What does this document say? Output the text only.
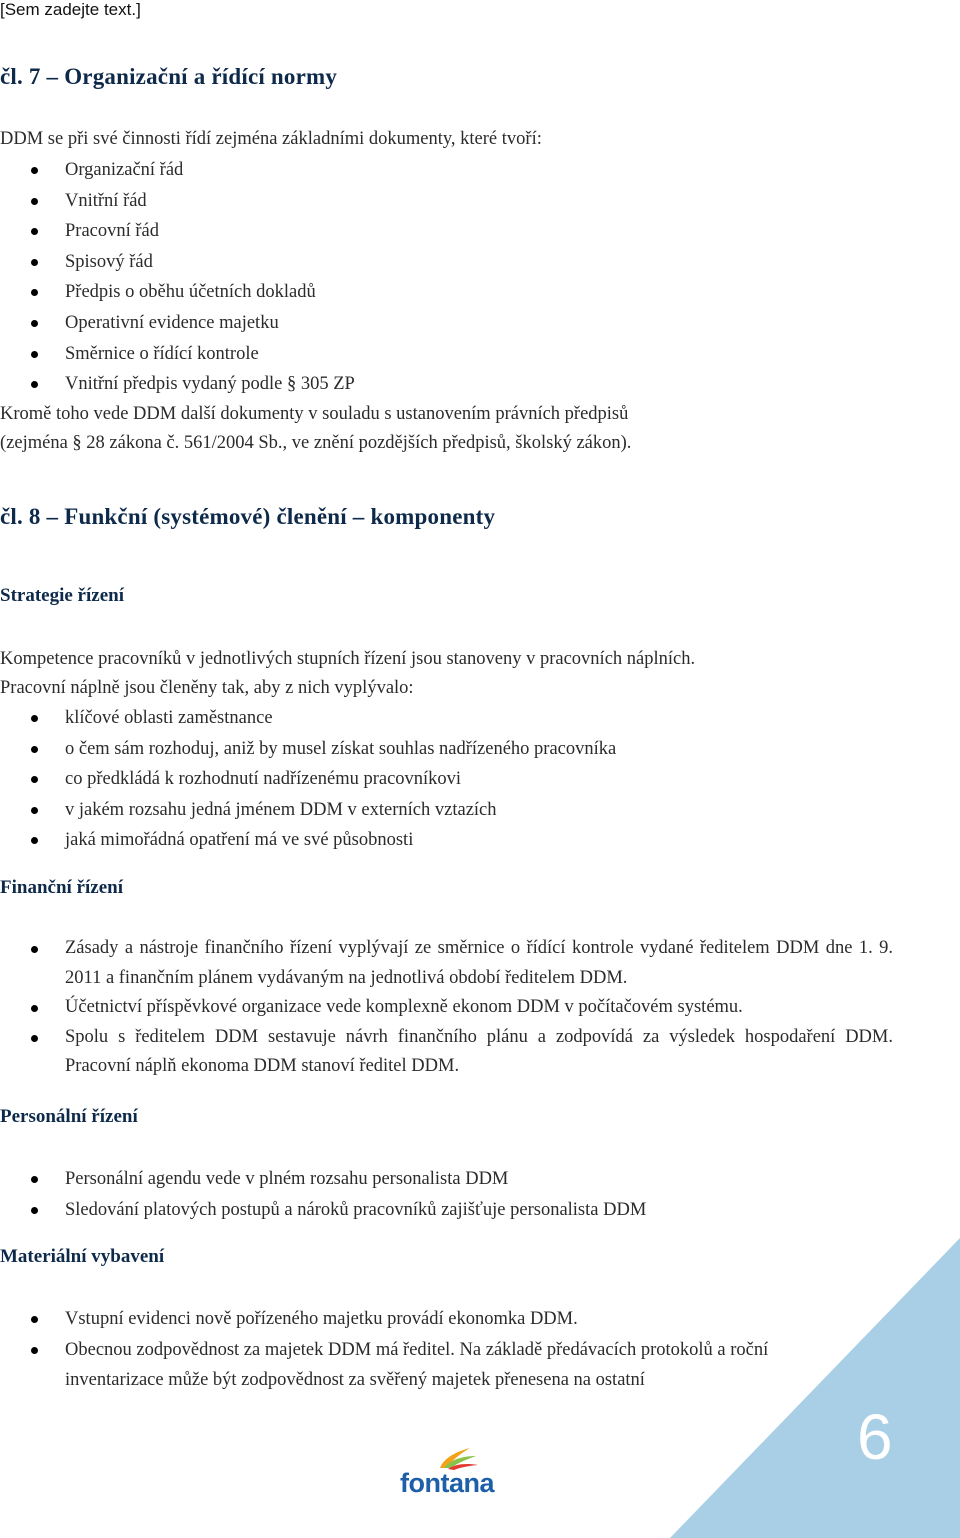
[Sem zadejte text.]
čl. 7 – Organizační a řídící normy

DDM se při své činnosti řídí zejména základními dokumenty, které tvoří:

Organizační řád
Vnitřní řád
Pracovní řád
Spisový řád
Předpis o oběhu účetních dokladů
Operativní evidence majetku
Směrnice o řídící kontrole
Vnitřní předpis vydaný podle § 305 ZP

Kromě toho vede DDM další dokumenty v souladu s ustanovením právních předpisů

(zejména § 28 zákona č. 561/2004 Sb., ve znění pozdějších předpisů, školský zákon).

čl. 8 – Funkční (systémové) členění – komponenty
Strategie řízení

Kompetence pracovníků v jednotlivých stupních řízení jsou stanoveny v pracovních náplních.

Pracovní náplně jsou členěny tak, aby z nich vyplývalo:

klíčové oblasti zaměstnance
o čem sám rozhoduj, aniž by musel získat souhlas nadřízeného pracovníka
co předkládá k rozhodnutí nadřízenému pracovníkovi
v jakém rozsahu jedná jménem DDM v externích vztazích
jaká mimořádná opatření má ve své působnosti
Finanční řízení
Zásady a nástroje finančního řízení vyplývají ze směrnice o řídící kontrole vydané ředitelem DDM dne 1. 9. 2011 a finančním plánem vydávaným na jednotlivá období ředitelem DDM.
Účetnictví příspěvkové organizace vede komplexně ekonom DDM v počítačovém systému.
Spolu s ředitelem DDM sestavuje návrh finančního plánu a zodpovídá za výsledek hospodaření DDM. Pracovní náplň ekonoma DDM stanoví ředitel DDM.
Personální řízení
Personální agendu vede v plném rozsahu personalista DDM
Sledování platových postupů a nároků pracovníků zajišťuje personalista DDM
Materiální vybavení
Vstupní evidenci nově pořízeného majetku provádí ekonomka DDM.
Obecnou zodpovědnost za majetek DDM má ředitel. Na základě předávacích protokolů a roční inventarizace může být zodpovědnost za svěřený majetek přenesena na ostatní
6
fontana
